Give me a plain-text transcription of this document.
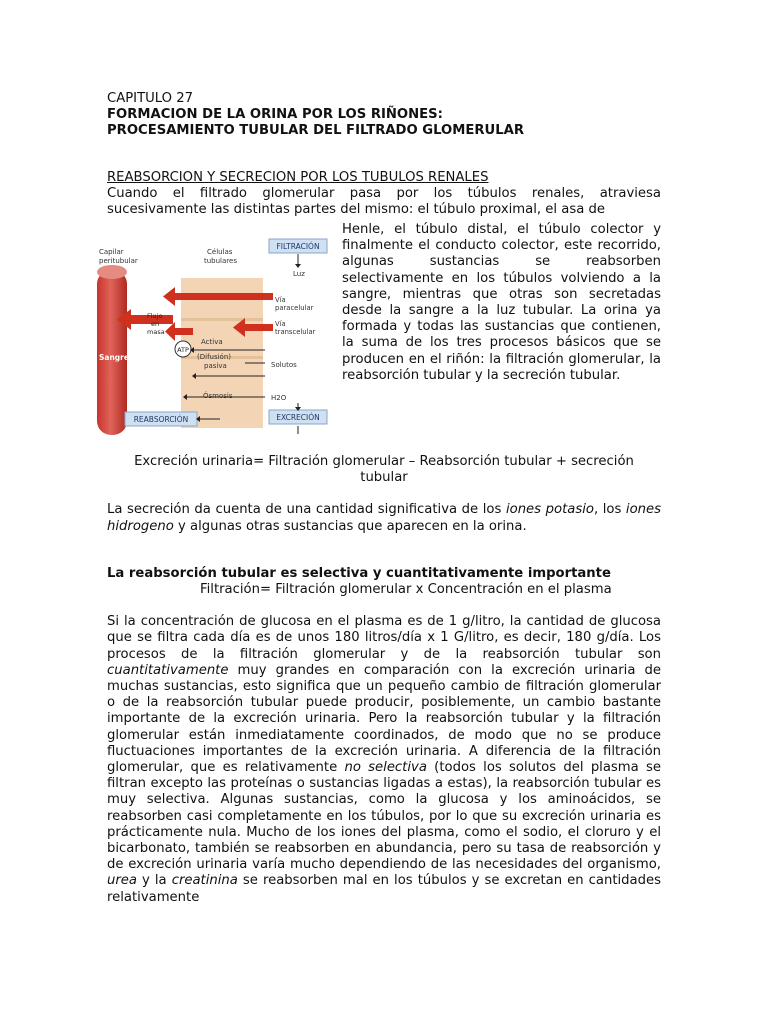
CAPITULO 27

FORMACION DE LA ORINA POR LOS RIÑONES:

PROCESAMIENTO TUBULAR DEL FILTRADO GLOMERULAR

REABSORCION Y SECRECION POR LOS TUBULOS RENALES

Cuando el filtrado glomerular pasa por los túbulos renales, atraviesa sucesivamente las distintas partes del mismo: el túbulo proximal, el asa de

FILTRACIÓN
Luz
Capilar
peritubular
Células
tubulares
Vía
paracelular
Vía
transcelular
Flujo
en
masa
ATP
Activa
(Difusión)
pasiva	Solutos
Sangre
Ósmosis	H2O
REABSORCIÓN	EXCRECIÓN

Henle, el túbulo distal, el túbulo colector y finalmente el conducto colector, este recorrido, algunas sustancias se reabsorben selectivamente en los túbulos volviendo a la sangre, mientras que otras son secretadas desde la sangre a la luz tubular. La orina ya formada y todas las sustancias que contienen, la suma de los tres procesos básicos que se producen en el riñón: la filtración glomerular, la reabsorción tubular y la secreción tubular.

Excreción urinaria= Filtración glomerular – Reabsorción tubular + secreción

tubular

La secreción da cuenta de una cantidad significativa de los iones potasio, los iones hidrogeno y algunas otras sustancias que aparecen en la orina.

La reabsorción tubular es selectiva y cuantitativamente importante

Filtración= Filtración glomerular x Concentración en el plasma

Si la concentración de glucosa en el plasma es de 1 g/litro, la cantidad de glucosa que se filtra cada día es de unos 180 litros/día x 1 G/litro, es decir, 180 g/día. Los procesos de la filtración glomerular y de la reabsorción tubular son cuantitativamente muy grandes en comparación con la excreción urinaria de muchas sustancias, esto significa que un pequeño cambio de filtración glomerular o de la reabsorción tubular puede producir, posiblemente, un cambio bastante importante de la excreción urinaria. Pero la reabsorción tubular y la filtración glomerular están inmediatamente coordinados, de modo que no se produce fluctuaciones importantes de la excreción urinaria. A diferencia de la filtración glomerular, que es relativamente no selectiva (todos los solutos del plasma se filtran excepto las proteínas o sustancias ligadas a estas), la reabsorción tubular es muy selectiva. Algunas sustancias, como la glucosa y los aminoácidos, se reabsorben casi completamente en los túbulos, por lo que su excreción urinaria es prácticamente nula. Mucho de los iones del plasma, como el sodio, el cloruro y el bicarbonato, también se reabsorben en abundancia, pero su tasa de reabsorción y de excreción urinaria varía mucho dependiendo de las necesidades del organismo, urea y la creatinina se reabsorben mal en los túbulos y se excretan en cantidades relativamente
